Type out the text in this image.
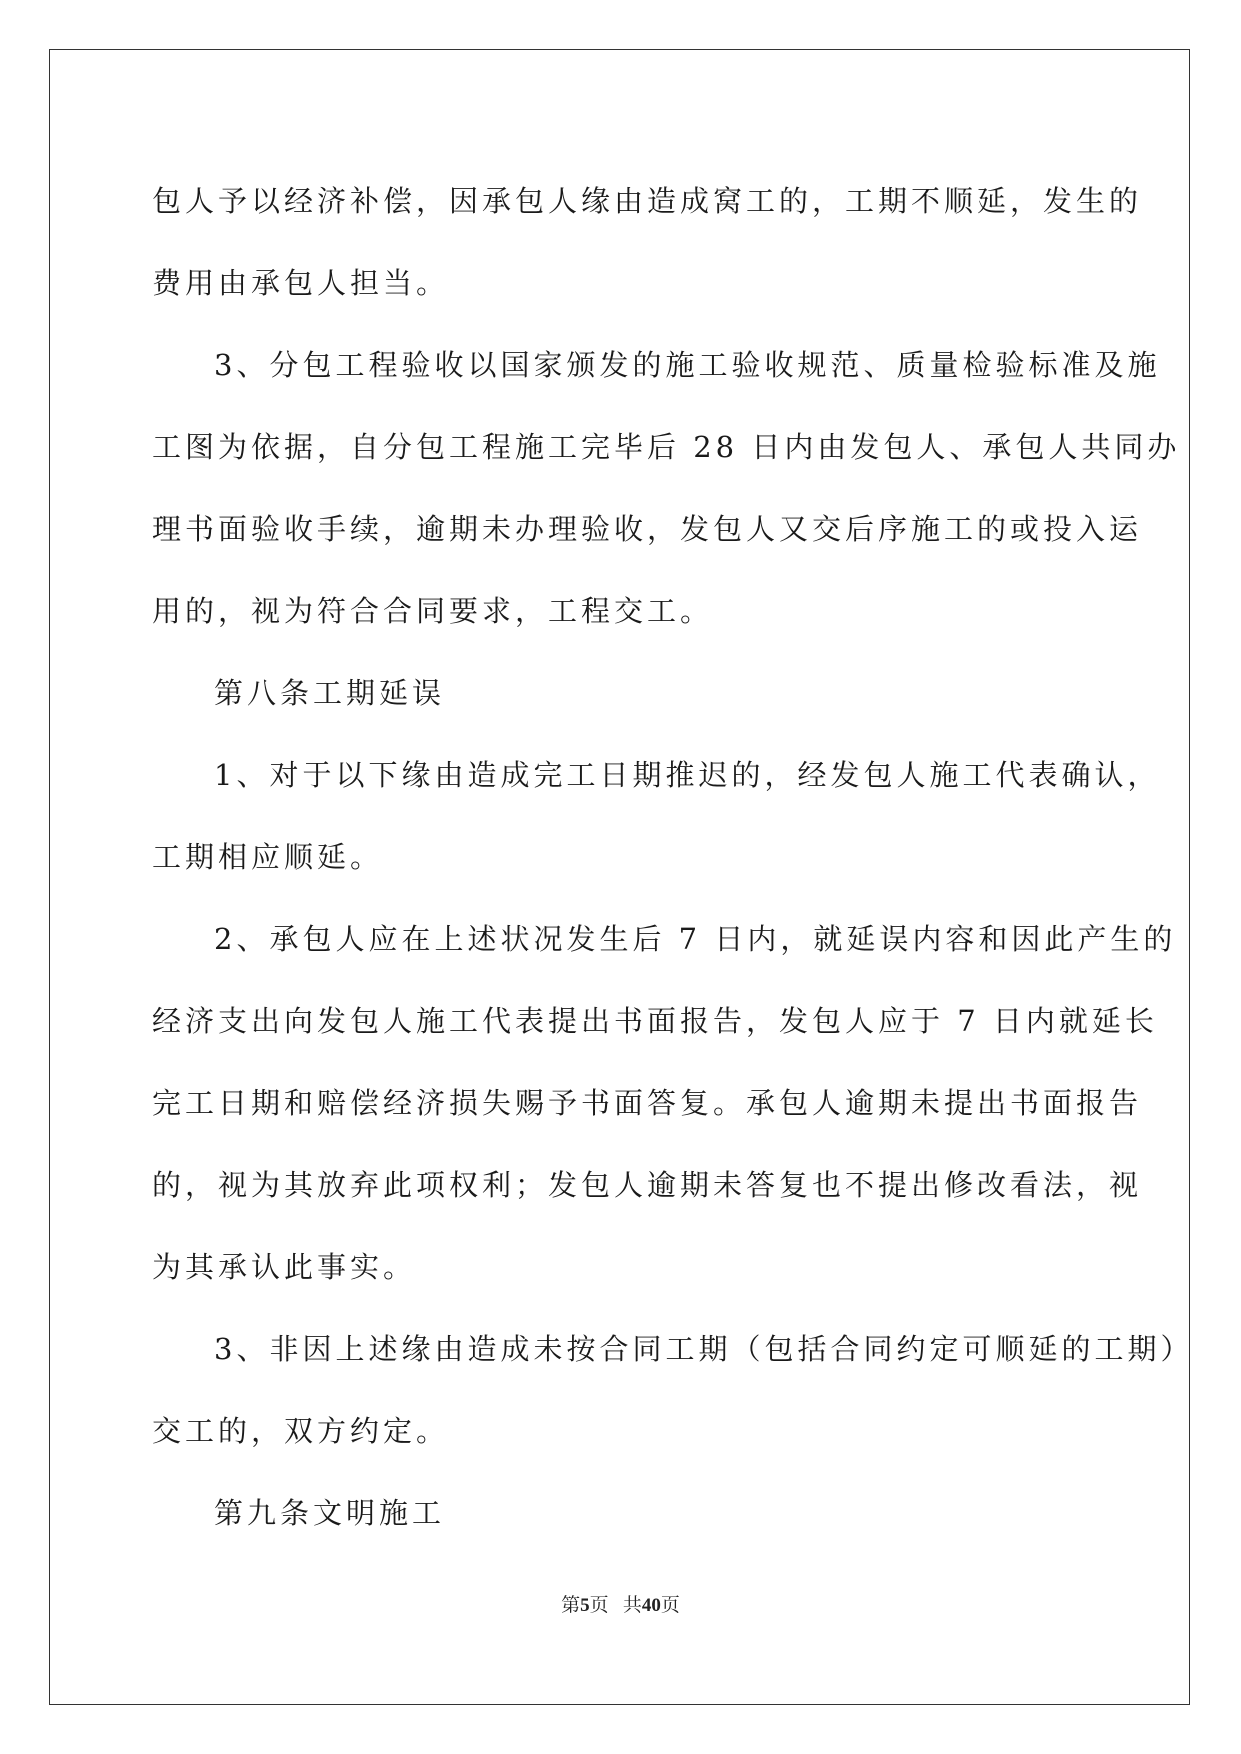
包人予以经济补偿，因承包人缘由造成窝工的，工期不顺延，发生的
费用由承包人担当。
3、分包工程验收以国家颁发的施工验收规范、质量检验标准及施
工图为依据，自分包工程施工完毕后 28 日内由发包人、承包人共同办
理书面验收手续，逾期未办理验收，发包人又交后序施工的或投入运
用的，视为符合合同要求，工程交工。
第八条工期延误
1、对于以下缘由造成完工日期推迟的，经发包人施工代表确认，
工期相应顺延。
2、承包人应在上述状况发生后 7 日内，就延误内容和因此产生的
经济支出向发包人施工代表提出书面报告，发包人应于 7 日内就延长
完工日期和赔偿经济损失赐予书面答复。承包人逾期未提出书面报告
的，视为其放弃此项权利；发包人逾期未答复也不提出修改看法，视
为其承认此事实。
3、非因上述缘由造成未按合同工期（包括合同约定可顺延的工期）
交工的，双方约定。
第九条文明施工
第5页 共40页
